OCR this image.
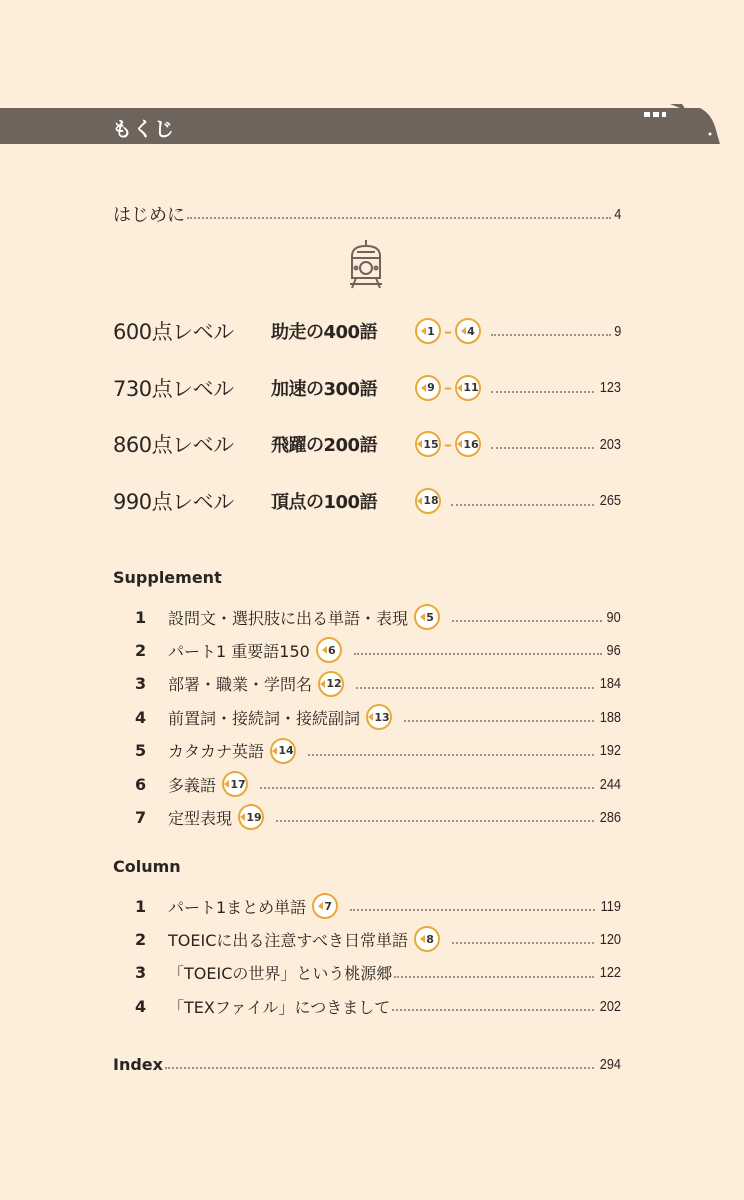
もくじ
はじめに	4
600点レベル	助走の400語	1 –	4	9
730点レベル	加速の300語	9 –	11	123
860点レベル	飛躍の200語	15 –	16	203
990点レベル	頂点の100語	18	265
Supplement
1	設問文・選択肢に出る単語・表現	5	90
2	パート1 重要語150	6	96
3	部署・職業・学問名	12	184
4	前置詞・接続詞・接続副詞	13	188
5	カタカナ英語	14	192
6	多義語	17	244
7	定型表現	19	286
Column
1	パート1まとめ単語	7	119
2	TOEICに出る注意すべき日常単語	8	120
3	「TOEICの世界」という桃源郷	122
4	「TEXファイル」につきまして	202
Index	294
